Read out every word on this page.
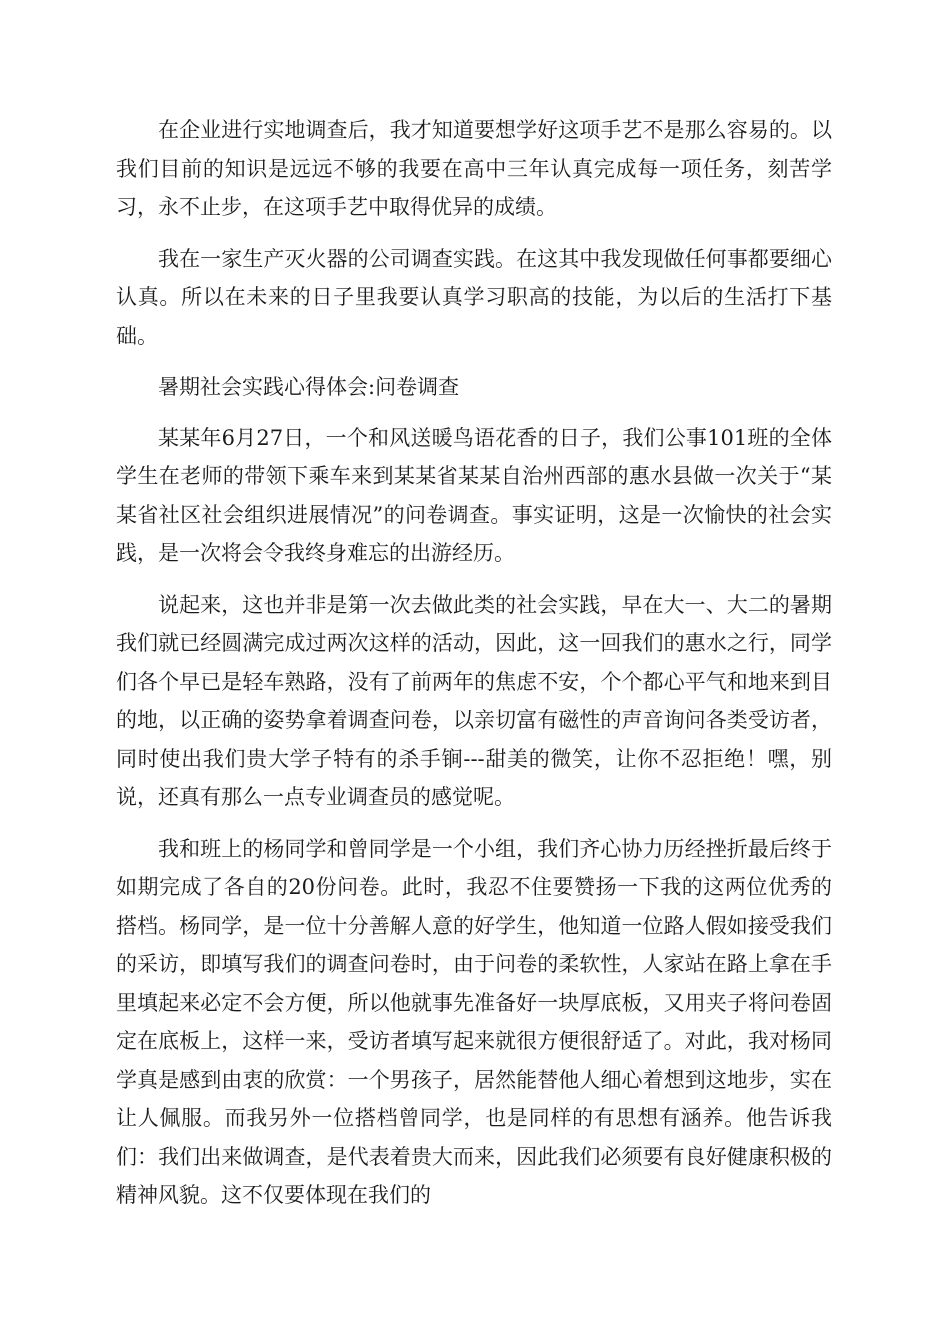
在企业进行实地调查后，我才知道要想学好这项手艺不是那么容易的。以我们目前的知识是远远不够的我要在高中三年认真完成每一项任务，刻苦学习，永不止步，在这项手艺中取得优异的成绩。

我在一家生产灭火器的公司调查实践。在这其中我发现做任何事都要细心认真。所以在未来的日子里我要认真学习职高的技能，为以后的生活打下基础。

暑期社会实践心得体会:问卷调查

某某年6月27日，一个和风送暖鸟语花香的日子，我们公事101班的全体学生在老师的带领下乘车来到某某省某某自治州西部的惠水县做一次关于“某某省社区社会组织进展情况”的问卷调查。事实证明，这是一次愉快的社会实践，是一次将会令我终身难忘的出游经历。

说起来，这也并非是第一次去做此类的社会实践，早在大一、大二的暑期我们就已经圆满完成过两次这样的活动，因此，这一回我们的惠水之行，同学们各个早已是轻车熟路，没有了前两年的焦虑不安，个个都心平气和地来到目的地，以正确的姿势拿着调查问卷，以亲切富有磁性的声音询问各类受访者，同时使出我们贵大学子特有的杀手锏---甜美的微笑，让你不忍拒绝！嘿，别说，还真有那么一点专业调查员的感觉呢。

我和班上的杨同学和曾同学是一个小组，我们齐心协力历经挫折最后终于如期完成了各自的20份问卷。此时，我忍不住要赞扬一下我的这两位优秀的搭档。杨同学，是一位十分善解人意的好学生，他知道一位路人假如接受我们的采访，即填写我们的调查问卷时，由于问卷的柔软性，人家站在路上拿在手里填起来必定不会方便，所以他就事先准备好一块厚底板，又用夹子将问卷固定在底板上，这样一来，受访者填写起来就很方便很舒适了。对此，我对杨同学真是感到由衷的欣赏：一个男孩子，居然能替他人细心着想到这地步，实在让人佩服。而我另外一位搭档曾同学，也是同样的有思想有涵养。他告诉我们：我们出来做调查，是代表着贵大而来，因此我们必须要有良好健康积极的精神风貌。这不仅要体现在我们的
